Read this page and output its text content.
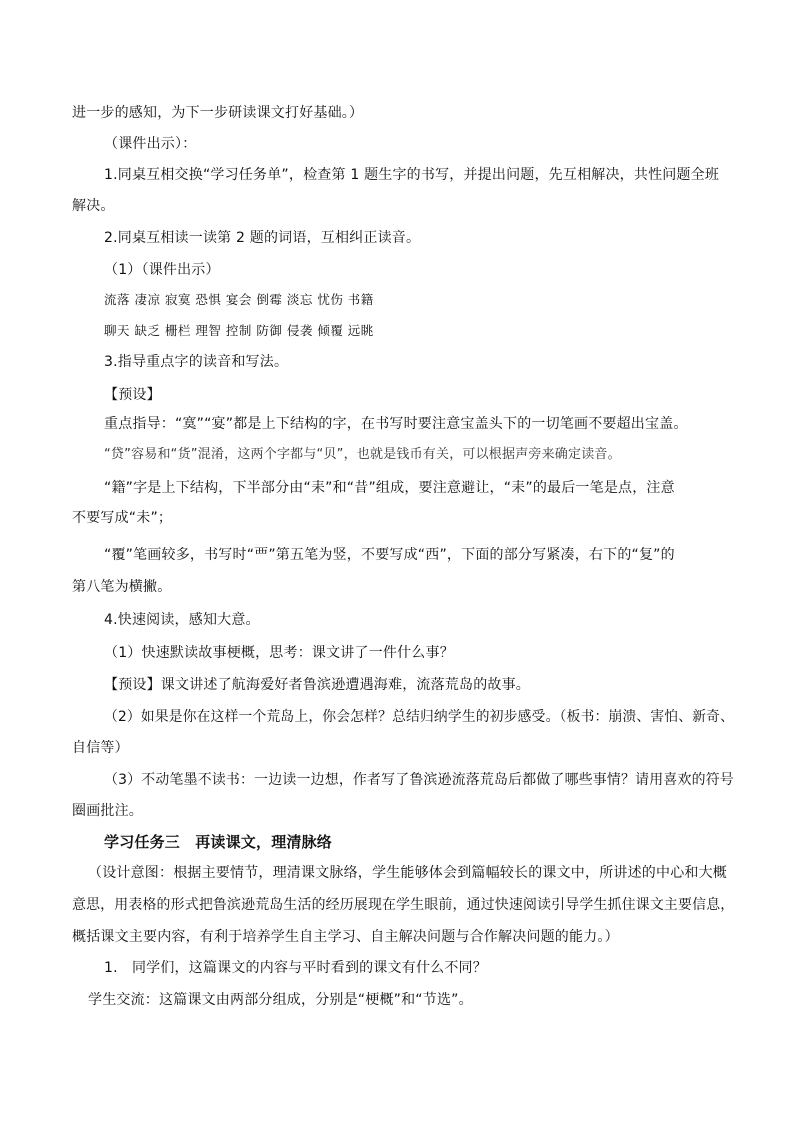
进一步的感知，为下一步研读课文打好基础。）
（课件出示）：
1.同桌互相交换“学习任务单”，检查第 1 题生字的书写，并提出问题，先互相解决，共性问题全班
解决。
2.同桌互相读一读第 2 题的词语，互相纠正读音。
（1）（课件出示）
流落 凄凉 寂寞 恐惧 宴会 倒霉 淡忘 忧伤 书籍
聊天 缺乏 栅栏 理智 控制 防御 侵袭 倾覆 远眺
3.指导重点字的读音和写法。
【预设】
重点指导：“寞”“宴”都是上下结构的字，在书写时要注意宝盖头下的一切笔画不要超出宝盖。
“贷”容易和“货”混淆，这两个字都与“贝”，也就是钱币有关，可以根据声旁来确定读音。
“籍”字是上下结构，下半部分由“耒”和“昔”组成，要注意避让，“耒”的最后一笔是点，注意
不要写成“未”；
“覆”笔画较多，书写时“覀”第五笔为竖，不要写成“西”，下面的部分写紧凑，右下的“复”的
第八笔为横撇。
4.快速阅读，感知大意。
（1）快速默读故事梗概，思考：课文讲了一件什么事？
【预设】课文讲述了航海爱好者鲁滨逊遭遇海难，流落荒岛的故事。
（2）如果是你在这样一个荒岛上，你会怎样？总结归纳学生的初步感受。（板书：崩溃、害怕、新奇、
自信等）
（3）不动笔墨不读书：一边读一边想，作者写了鲁滨逊流落荒岛后都做了哪些事情？请用喜欢的符号
圈画批注。
学习任务三　再读课文，理清脉络
（设计意图：根据主要情节，理清课文脉络，学生能够体会到篇幅较长的课文中，所讲述的中心和大概
意思，用表格的形式把鲁滨逊荒岛生活的经历展现在学生眼前，通过快速阅读引导学生抓住课文主要信息，
概括课文主要内容，有利于培养学生自主学习、自主解决问题与合作解决问题的能力。）
1.　同学们，这篇课文的内容与平时看到的课文有什么不同？
学生交流：这篇课文由两部分组成，分别是“梗概”和“节选”。
